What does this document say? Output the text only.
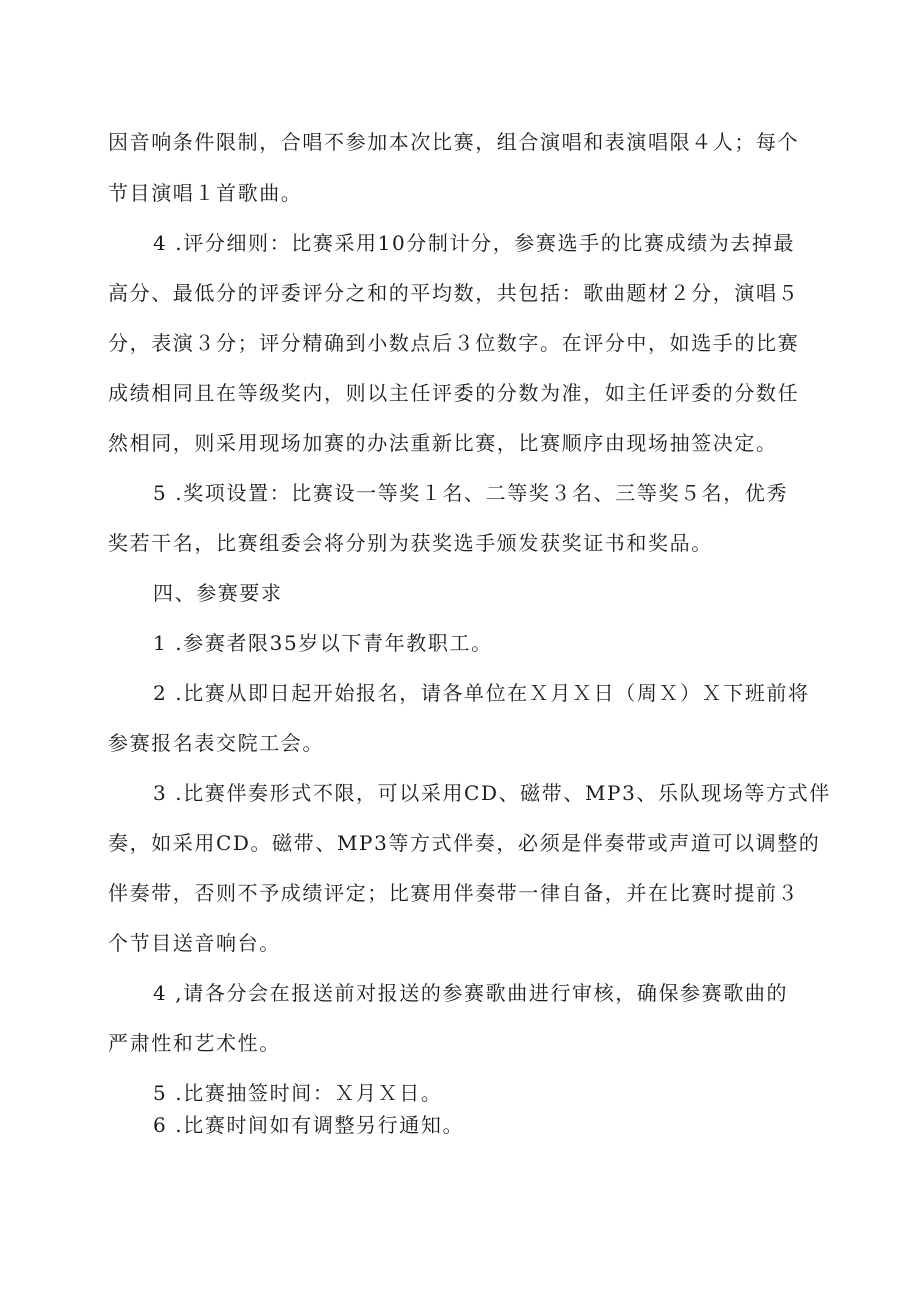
因音响条件限制，合唱不参加本次比赛，组合演唱和表演唱限４人；每个
节目演唱１首歌曲。
4 .评分细则：比赛采用10分制计分，参赛选手的比赛成绩为去掉最
高分、最低分的评委评分之和的平均数，共包括：歌曲题材２分，演唱５
分，表演３分；评分精确到小数点后３位数字。在评分中，如选手的比赛
成绩相同且在等级奖内，则以主任评委的分数为准，如主任评委的分数任
然相同，则采用现场加赛的办法重新比赛，比赛顺序由现场抽签决定。
5 .奖项设置：比赛设一等奖１名、二等奖３名、三等奖５名，优秀
奖若干名，比赛组委会将分别为获奖选手颁发获奖证书和奖品。
四、参赛要求
1 .参赛者限35岁以下青年教职工。
2 .比赛从即日起开始报名，请各单位在Ｘ月Ｘ日（周Ｘ）Ｘ下班前将
参赛报名表交院工会。
3 .比赛伴奏形式不限，可以采用CD、磁带、MP3、乐队现场等方式伴
奏，如采用CD。磁带、MP3等方式伴奏，必须是伴奏带或声道可以调整的
伴奏带，否则不予成绩评定；比赛用伴奏带一律自备，并在比赛时提前３
个节目送音响台。
4 ,请各分会在报送前对报送的参赛歌曲进行审核，确保参赛歌曲的
严肃性和艺术性。
5 .比赛抽签时间：Ｘ月Ｘ日。
6 .比赛时间如有调整另行通知。
